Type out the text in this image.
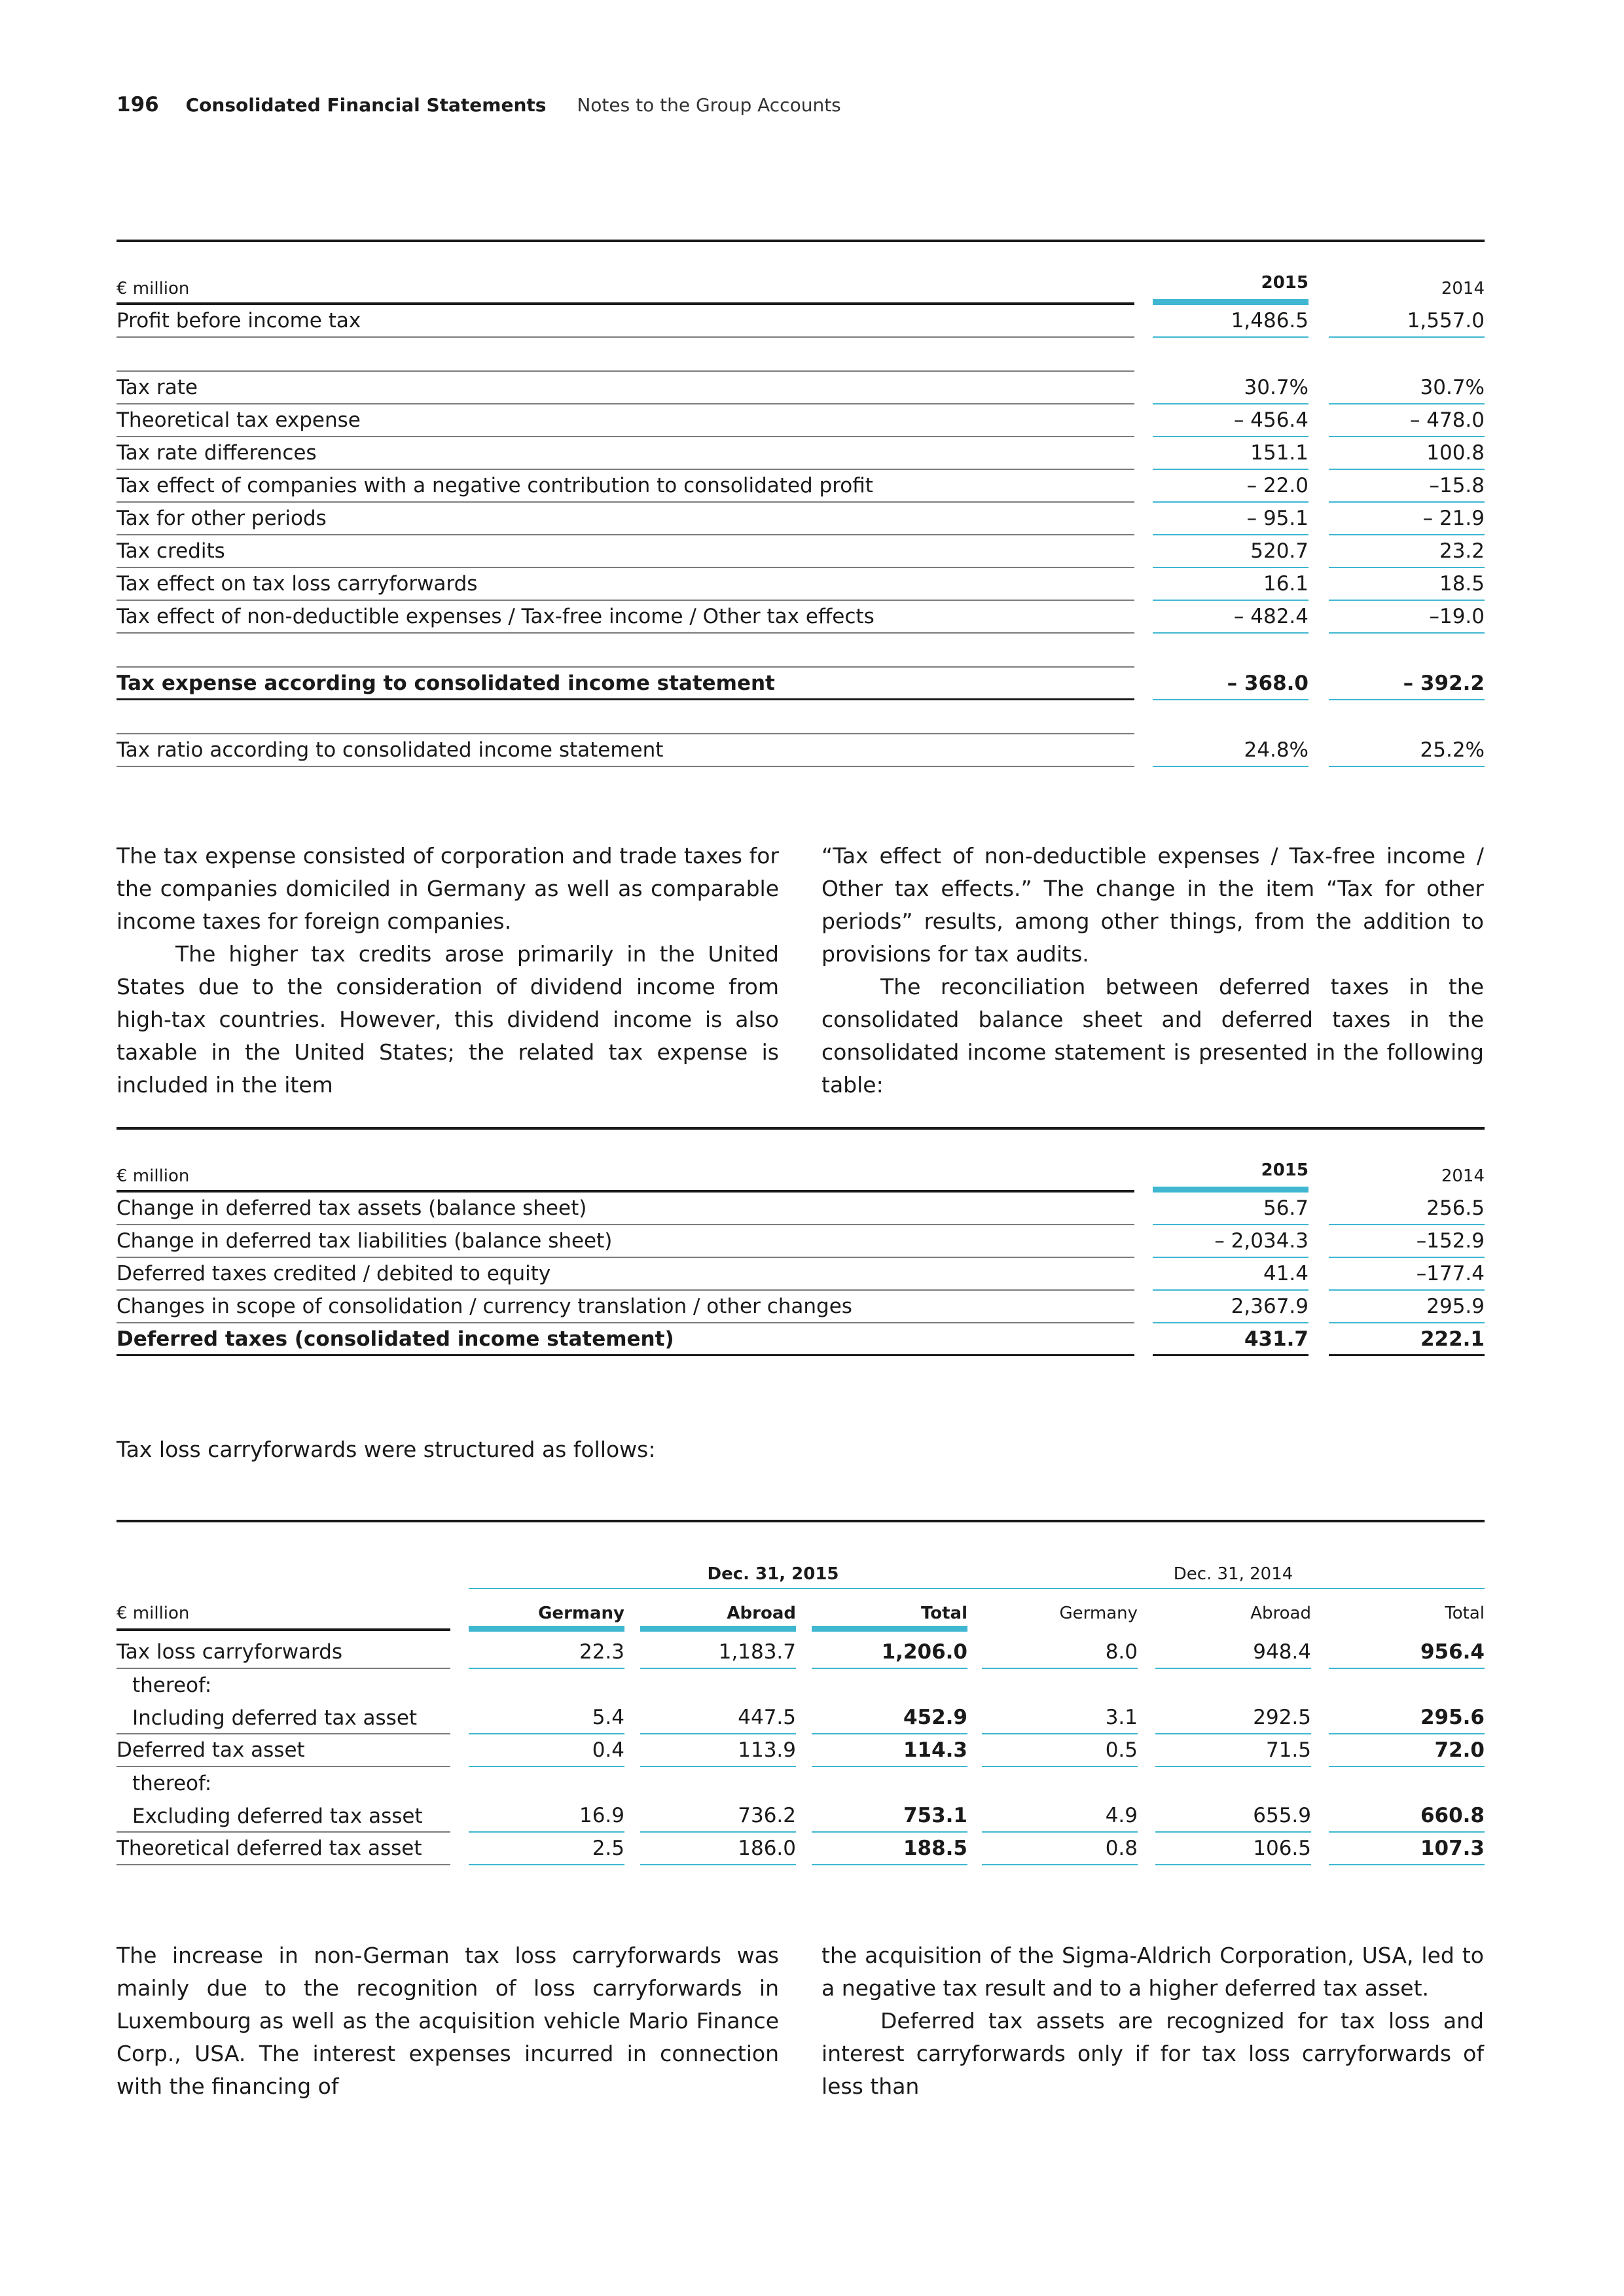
196 Consolidated Financial Statements Notes to the Group Accounts
€ million	2015	2014
Profit before income tax	1,486.5	1,557.0
Tax rate	30.7%	30.7%
Theoretical tax expense	– 456.4	– 478.0
Tax rate differences	151.1	100.8
Tax effect of companies with a negative contribution to consolidated profit	– 22.0	–15.8
Tax for other periods	– 95.1	– 21.9
Tax credits	520.7	23.2
Tax effect on tax loss carryforwards	16.1	18.5
Tax effect of non-deductible expenses / Tax-free income / Other tax effects	– 482.4	–19.0
Tax expense according to consolidated income statement	– 368.0	– 392.2
Tax ratio according to consolidated income statement	24.8%	25.2%

The tax expense consisted of corporation and trade taxes for the companies domiciled in Germany as well as comparable income taxes for foreign companies.

The higher tax credits arose primarily in the United States due to the consideration of dividend income from high-tax countries. However, this dividend income is also taxable in the United States; the related tax expense is included in the item

“Tax effect of non-deductible expenses / Tax-free income / Other tax effects.” The change in the item “Tax for other periods” results, among other things, from the addition to provisions for tax audits.

The reconciliation between deferred taxes in the consolidated balance sheet and deferred taxes in the consolidated income statement is presented in the following table:

€ million	2015	2014
Change in deferred tax assets (balance sheet)	56.7	256.5
Change in deferred tax liabilities (balance sheet)	– 2,034.3	–152.9
Deferred taxes credited / debited to equity	41.4	–177.4
Changes in scope of consolidation / currency translation / other changes	2,367.9	295.9
Deferred taxes (consolidated income statement)	431.7	222.1
Tax loss carryforwards were structured as follows:
Dec. 31, 2015	Dec. 31, 2014
€ million	Germany	Abroad	Total	Germany	Abroad	Total
Tax loss carryforwards	22.3	1,183.7	1,206.0	8.0	948.4	956.4
thereof:
Including deferred tax asset	5.4	447.5	452.9	3.1	292.5	295.6
Deferred tax asset	0.4	113.9	114.3	0.5	71.5	72.0
thereof:
Excluding deferred tax asset	16.9	736.2	753.1	4.9	655.9	660.8
Theoretical deferred tax asset	2.5	186.0	188.5	0.8	106.5	107.3

The increase in non-German tax loss carryforwards was mainly due to the recognition of loss carryforwards in Luxembourg as well as the acquisition vehicle Mario Finance Corp., USA. The interest expenses incurred in connection with the financing of

the acquisition of the Sigma-Aldrich Corporation, USA, led to a negative tax result and to a higher deferred tax asset.

Deferred tax assets are recognized for tax loss and interest carryforwards only if for tax loss carryforwards of less than
